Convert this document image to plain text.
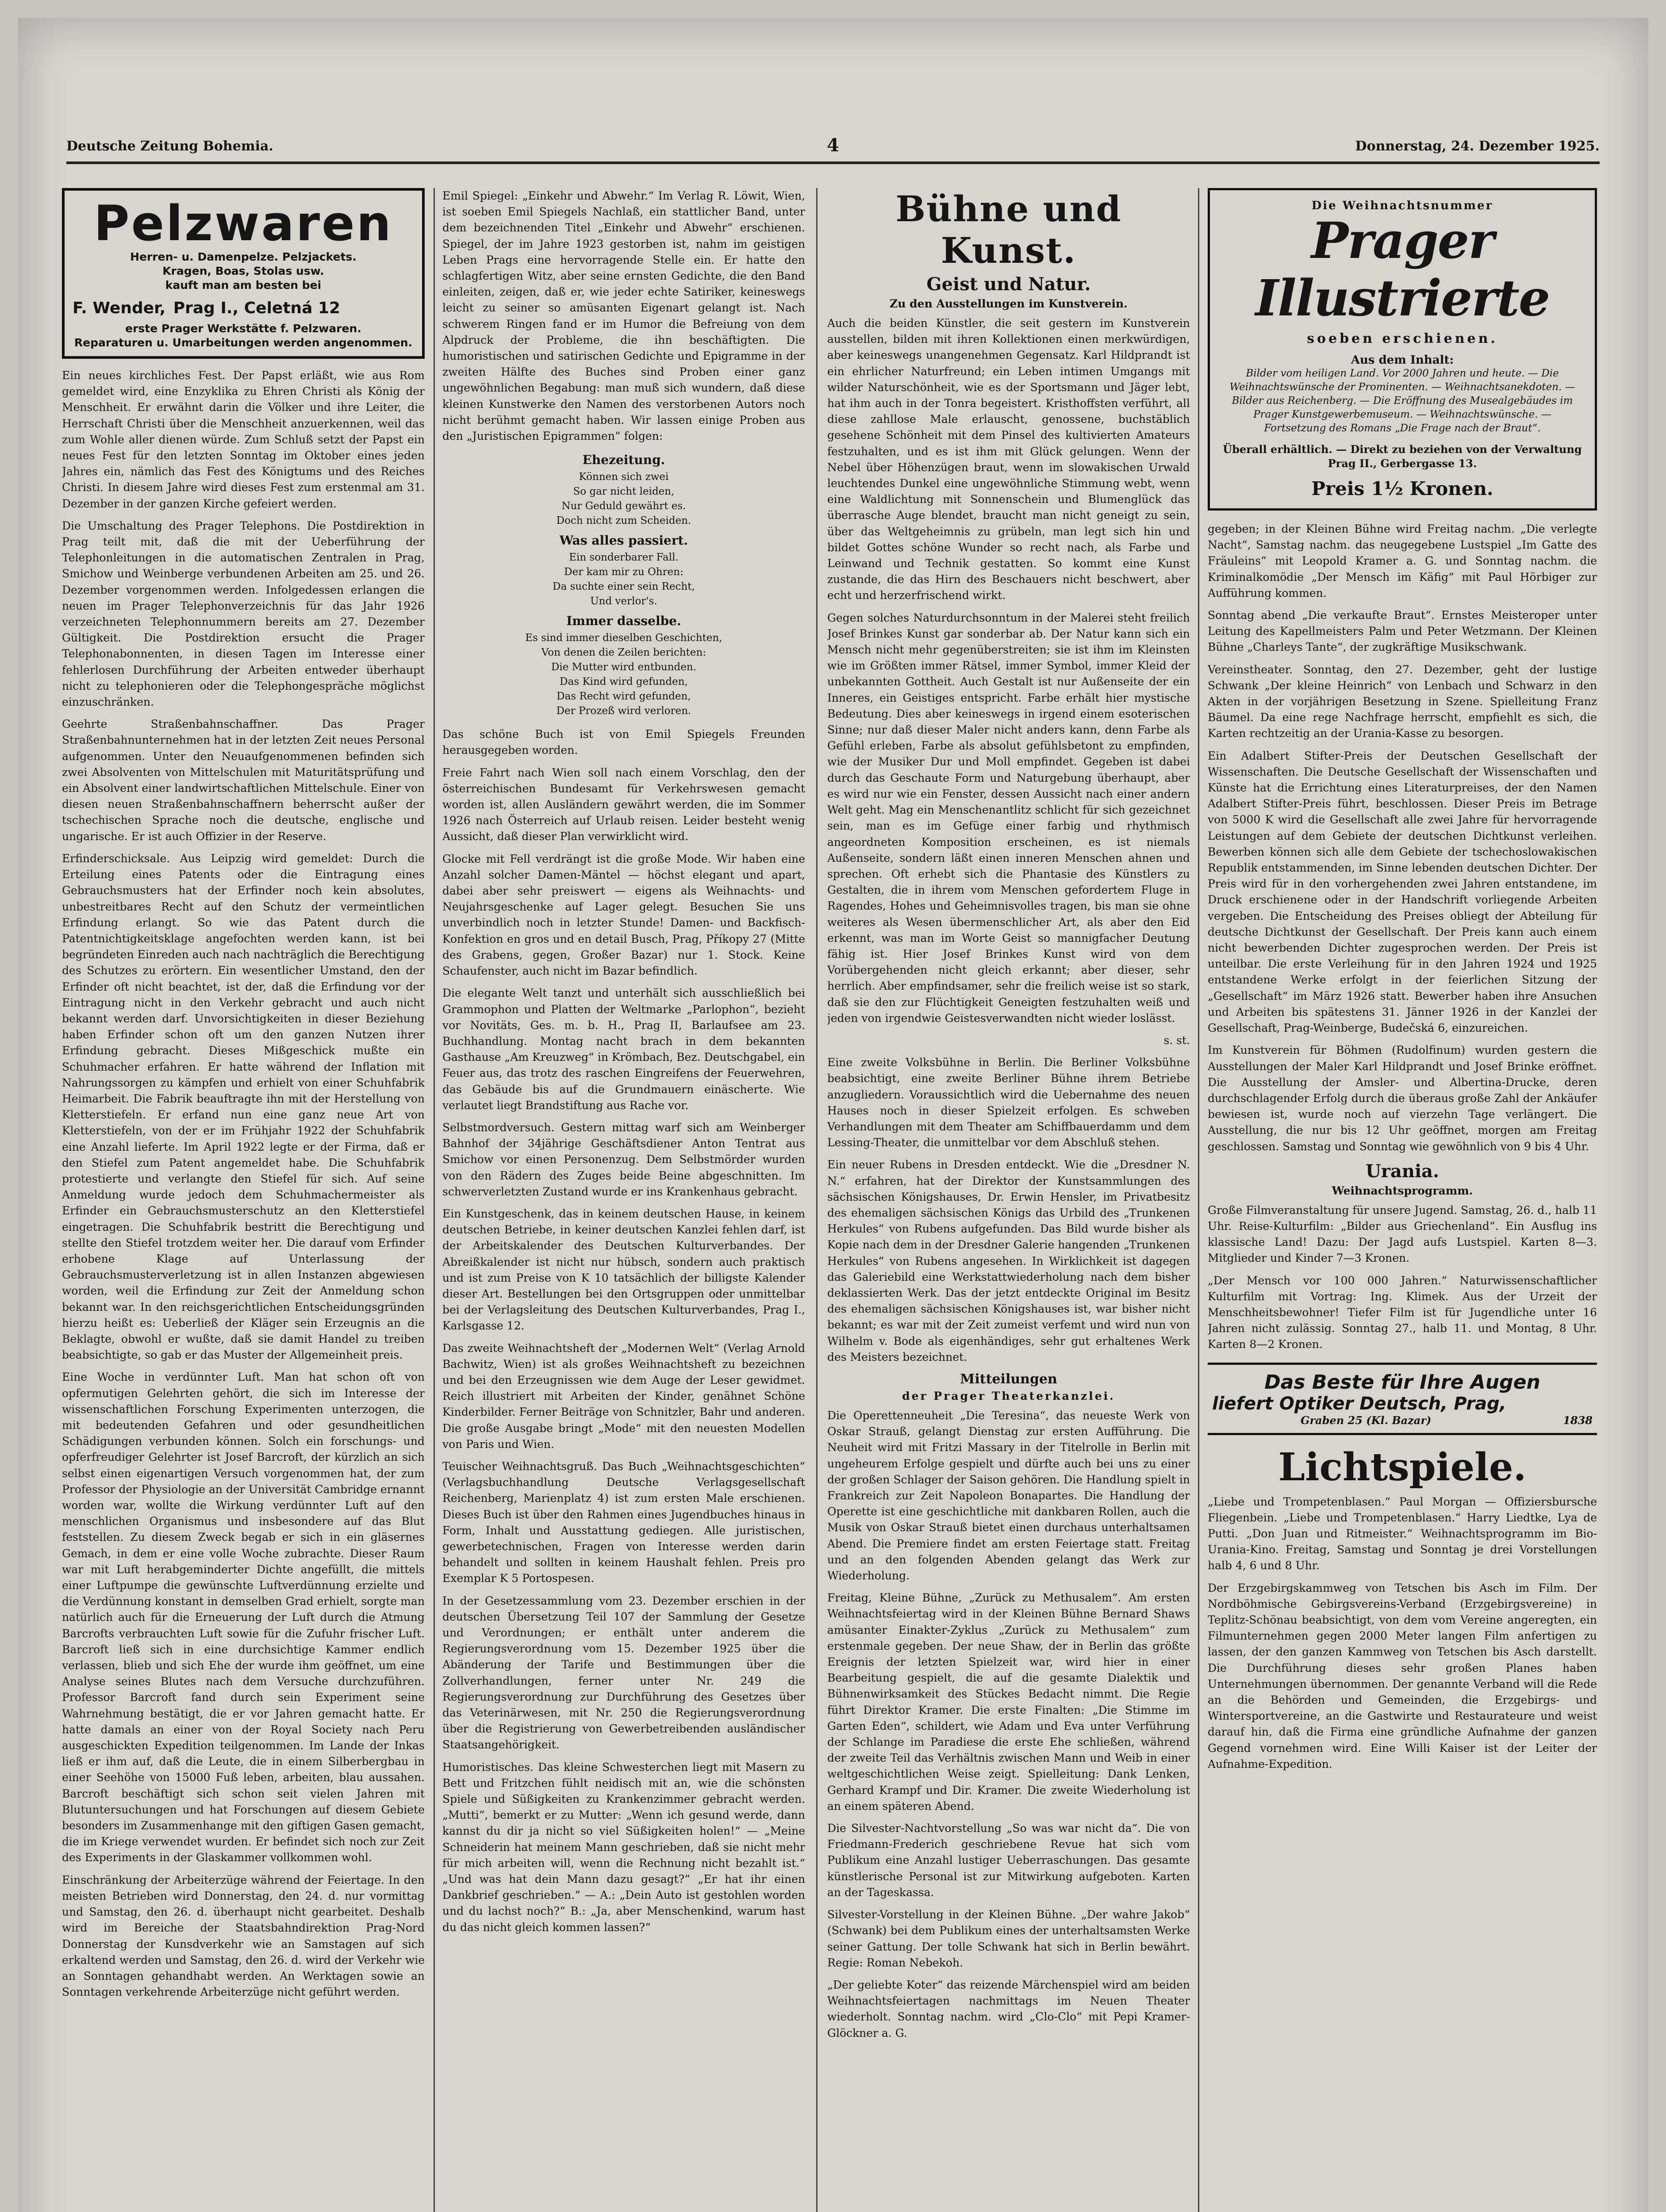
Deutsche Zeitung Bohemia.	4	Donnerstag, 24. Dezember 1925.
Pelzwaren
Herren- u. Damenpelze. Pelzjackets.
Kragen, Boas, Stolas usw.
kauft man am besten bei
F. Wender, Prag I., Celetná 12
erste Prager Werkstätte f. Pelzwaren.
Reparaturen u. Umarbeitungen werden angenommen.

Ein neues kirchliches Fest. Der Papst erläßt, wie aus Rom gemeldet wird, eine Enzyklika zu Ehren Christi als König der Menschheit. Er erwähnt darin die Völker und ihre Leiter, die Herrschaft Christi über die Menschheit anzuerkennen, weil das zum Wohle aller dienen würde. Zum Schluß setzt der Papst ein neues Fest für den letzten Sonntag im Oktober eines jeden Jahres ein, nämlich das Fest des Königtums und des Reiches Christi. In diesem Jahre wird dieses Fest zum erstenmal am 31. Dezember in der ganzen Kirche gefeiert werden.

Die Umschaltung des Prager Telephons. Die Postdirektion in Prag teilt mit, daß die mit der Ueberführung der Telephonleitungen in die automatischen Zentralen in Prag, Smichow und Weinberge verbundenen Arbeiten am 25. und 26. Dezember vorgenommen werden. Infolgedessen erlangen die neuen im Prager Telephonverzeichnis für das Jahr 1926 verzeichneten Telephonnummern bereits am 27. Dezember Gültigkeit. Die Postdirektion ersucht die Prager Telephonabonnenten, in diesen Tagen im Interesse einer fehlerlosen Durchführung der Arbeiten entweder überhaupt nicht zu telephonieren oder die Telephongespräche möglichst einzuschränken.

Geehrte Straßenbahnschaffner. Das Prager Straßenbahnunternehmen hat in der letzten Zeit neues Personal aufgenommen. Unter den Neuaufgenommenen befinden sich zwei Absolventen von Mittelschulen mit Maturitätsprüfung und ein Absolvent einer landwirtschaftlichen Mittelschule. Einer von diesen neuen Straßenbahnschaffnern beherrscht außer der tschechischen Sprache noch die deutsche, englische und ungarische. Er ist auch Offizier in der Reserve.

Erfinderschicksale. Aus Leipzig wird gemeldet: Durch die Erteilung eines Patents oder die Eintragung eines Gebrauchsmusters hat der Erfinder noch kein absolutes, unbestreitbares Recht auf den Schutz der vermeintlichen Erfindung erlangt. So wie das Patent durch die Patentnichtigkeitsklage angefochten werden kann, ist bei begründeten Einreden auch nach nachträglich die Berechtigung des Schutzes zu erörtern. Ein wesentlicher Umstand, den der Erfinder oft nicht beachtet, ist der, daß die Erfindung vor der Eintragung nicht in den Verkehr gebracht und auch nicht bekannt werden darf. Unvorsichtigkeiten in dieser Beziehung haben Erfinder schon oft um den ganzen Nutzen ihrer Erfindung gebracht. Dieses Mißgeschick mußte ein Schuhmacher erfahren. Er hatte während der Inflation mit Nahrungssorgen zu kämpfen und erhielt von einer Schuhfabrik Heimarbeit. Die Fabrik beauftragte ihn mit der Herstellung von Kletterstiefeln. Er erfand nun eine ganz neue Art von Kletterstiefeln, von der er im Frühjahr 1922 der Schuhfabrik eine Anzahl lieferte. Im April 1922 legte er der Firma, daß er den Stiefel zum Patent angemeldet habe. Die Schuhfabrik protestierte und verlangte den Stiefel für sich. Auf seine Anmeldung wurde jedoch dem Schuhmachermeister als Erfinder ein Gebrauchsmusterschutz an den Kletterstiefel eingetragen. Die Schuhfabrik bestritt die Berechtigung und stellte den Stiefel trotzdem weiter her. Die darauf vom Erfinder erhobene Klage auf Unterlassung der Gebrauchsmusterverletzung ist in allen Instanzen abgewiesen worden, weil die Erfindung zur Zeit der Anmeldung schon bekannt war. In den reichsgerichtlichen Entscheidungsgründen hierzu heißt es: Ueberließ der Kläger sein Erzeugnis an die Beklagte, obwohl er wußte, daß sie damit Handel zu treiben beabsichtigte, so gab er das Muster der Allgemeinheit preis.

Eine Woche in verdünnter Luft. Man hat schon oft von opfermutigen Gelehrten gehört, die sich im Interesse der wissenschaftlichen Forschung Experimenten unterzogen, die mit bedeutenden Gefahren und oder gesundheitlichen Schädigungen verbunden können. Solch ein forschungs- und opferfreudiger Gelehrter ist Josef Barcroft, der kürzlich an sich selbst einen eigenartigen Versuch vorgenommen hat, der zum Professor der Physiologie an der Universität Cambridge ernannt worden war, wollte die Wirkung verdünnter Luft auf den menschlichen Organismus und insbesondere auf das Blut feststellen. Zu diesem Zweck begab er sich in ein gläsernes Gemach, in dem er eine volle Woche zubrachte. Dieser Raum war mit Luft herabgeminderter Dichte angefüllt, die mittels einer Luftpumpe die gewünschte Luftverdünnung erzielte und die Verdünnung konstant in demselben Grad erhielt, sorgte man natürlich auch für die Erneuerung der Luft durch die Atmung Barcrofts verbrauchten Luft sowie für die Zufuhr frischer Luft. Barcroft ließ sich in eine durchsichtige Kammer endlich verlassen, blieb und sich Ehe der wurde ihm geöffnet, um eine Analyse seines Blutes nach dem Versuche durchzuführen. Professor Barcroft fand durch sein Experiment seine Wahrnehmung bestätigt, die er vor Jahren gemacht hatte. Er hatte damals an einer von der Royal Society nach Peru ausgeschickten Expedition teilgenommen. Im Lande der Inkas ließ er ihm auf, daß die Leute, die in einem Silberbergbau in einer Seehöhe von 15000 Fuß leben, arbeiten, blau aussahen. Barcroft beschäftigt sich schon seit vielen Jahren mit Blutuntersuchungen und hat Forschungen auf diesem Gebiete besonders im Zusammenhange mit den giftigen Gasen gemacht, die im Kriege verwendet wurden. Er befindet sich noch zur Zeit des Experiments in der Glaskammer vollkommen wohl.

Einschränkung der Arbeiterzüge während der Feiertage. In den meisten Betrieben wird Donnerstag, den 24. d. nur vormittag und Samstag, den 26. d. überhaupt nicht gearbeitet. Deshalb wird im Bereiche der Staatsbahndirektion Prag-Nord Donnerstag der Kunsdverkehr wie an Samstagen auf sich erkaltend werden und Samstag, den 26. d. wird der Verkehr wie an Sonntagen gehandhabt werden. An Werktagen sowie an Sonntagen verkehrende Arbeiterzüge nicht geführt werden.

Emil Spiegel: „Einkehr und Abwehr.“ Im Verlag R. Löwit, Wien, ist soeben Emil Spiegels Nachlaß, ein stattlicher Band, unter dem bezeichnenden Titel „Einkehr und Abwehr“ erschienen. Spiegel, der im Jahre 1923 gestorben ist, nahm im geistigen Leben Prags eine hervorragende Stelle ein. Er hatte den schlagfertigen Witz, aber seine ernsten Gedichte, die den Band einleiten, zeigen, daß er, wie jeder echte Satiriker, keineswegs leicht zu seiner so amüsanten Eigenart gelangt ist. Nach schwerem Ringen fand er im Humor die Befreiung von dem Alpdruck der Probleme, die ihn beschäftigten. Die humoristischen und satirischen Gedichte und Epigramme in der zweiten Hälfte des Buches sind Proben einer ganz ungewöhnlichen Begabung: man muß sich wundern, daß diese kleinen Kunstwerke den Namen des verstorbenen Autors noch nicht berühmt gemacht haben. Wir lassen einige Proben aus den „Juristischen Epigrammen“ folgen:

Ehezeitung.
Können sich zwei
So gar nicht leiden,
Nur Geduld gewährt es.
Doch nicht zum Scheiden.
Was alles passiert.
Ein sonderbarer Fall.
Der kam mir zu Ohren:
Da suchte einer sein Recht,
Und verlor's.
Immer dasselbe.
Es sind immer dieselben Geschichten,
Von denen die Zeilen berichten:
Die Mutter wird entbunden.
Das Kind wird gefunden,
Das Recht wird gefunden,
Der Prozeß wird verloren.

Das schöne Buch ist von Emil Spiegels Freunden herausgegeben worden.

Freie Fahrt nach Wien soll nach einem Vorschlag, den der österreichischen Bundesamt für Verkehrswesen gemacht worden ist, allen Ausländern gewährt werden, die im Sommer 1926 nach Österreich auf Urlaub reisen. Leider besteht wenig Aussicht, daß dieser Plan verwirklicht wird.

Glocke mit Fell verdrängt ist die große Mode. Wir haben eine Anzahl solcher Damen-Mäntel — höchst elegant und apart, dabei aber sehr preiswert — eigens als Weihnachts- und Neujahrsgeschenke auf Lager gelegt. Besuchen Sie uns unverbindlich noch in letzter Stunde! Damen- und Backfisch-Konfektion en gros und en detail Busch, Prag, Příkopy 27 (Mitte des Grabens, gegen, Großer Bazar) nur 1. Stock. Keine Schaufenster, auch nicht im Bazar befindlich.

Die elegante Welt tanzt und unterhält sich ausschließlich bei Grammophon und Platten der Weltmarke „Parlophon“, bezieht vor Novitäts, Ges. m. b. H., Prag II, Barlaufsee am 23. Buchhandlung. Montag nacht brach in dem bekannten Gasthause „Am Kreuzweg“ in Krömbach, Bez. Deutschgabel, ein Feuer aus, das trotz des raschen Eingreifens der Feuerwehren, das Gebäude bis auf die Grundmauern einäscherte. Wie verlautet liegt Brandstiftung aus Rache vor.

Selbstmordversuch. Gestern mittag warf sich am Weinberger Bahnhof der 34jährige Geschäftsdiener Anton Tentrat aus Smichow vor einen Personenzug. Dem Selbstmörder wurden von den Rädern des Zuges beide Beine abgeschnitten. Im schwerverletzten Zustand wurde er ins Krankenhaus gebracht.

Ein Kunstgeschenk, das in keinem deutschen Hause, in keinem deutschen Betriebe, in keiner deutschen Kanzlei fehlen darf, ist der Arbeitskalender des Deutschen Kulturverbandes. Der Abreißkalender ist nicht nur hübsch, sondern auch praktisch und ist zum Preise von K 10 tatsächlich der billigste Kalender dieser Art. Bestellungen bei den Ortsgruppen oder unmittelbar bei der Verlagsleitung des Deutschen Kulturverbandes, Prag I., Karlsgasse 12.

Das zweite Weihnachtsheft der „Modernen Welt“ (Verlag Arnold Bachwitz, Wien) ist als großes Weihnachtsheft zu bezeichnen und bei den Erzeugnissen wie dem Auge der Leser gewidmet. Reich illustriert mit Arbeiten der Kinder, genähnet Schöne Kinderbilder. Ferner Beiträge von Schnitzler, Bahr und anderen. Die große Ausgabe bringt „Mode“ mit den neuesten Modellen von Paris und Wien.

Teuischer Weihnachtsgruß. Das Buch „Weihnachtsgeschichten“ (Verlagsbuchhandlung Deutsche Verlagsgesellschaft Reichenberg, Marienplatz 4) ist zum ersten Male erschienen. Dieses Buch ist über den Rahmen eines Jugendbuches hinaus in Form, Inhalt und Ausstattung gediegen. Alle juristischen, gewerbetechnischen, Fragen von Interesse werden darin behandelt und sollten in keinem Haushalt fehlen. Preis pro Exemplar K 5 Portospesen.

In der Gesetzessammlung vom 23. Dezember erschien in der deutschen Übersetzung Teil 107 der Sammlung der Gesetze und Verordnungen; er enthält unter anderem die Regierungsverordnung vom 15. Dezember 1925 über die Abänderung der Tarife und Bestimmungen über die Zollverhandlungen, ferner unter Nr. 249 die Regierungsverordnung zur Durchführung des Gesetzes über das Veterinärwesen, mit Nr. 250 die Regierungsverordnung über die Registrierung von Gewerbetreibenden ausländischer Staatsangehörigkeit.

Humoristisches. Das kleine Schwesterchen liegt mit Masern zu Bett und Fritzchen fühlt neidisch mit an, wie die schönsten Spiele und Süßigkeiten zu Krankenzimmer gebracht werden. „Mutti“, bemerkt er zu Mutter: „Wenn ich gesund werde, dann kannst du dir ja nicht so viel Süßigkeiten holen!“ — „Meine Schneiderin hat meinem Mann geschrieben, daß sie nicht mehr für mich arbeiten will, wenn die Rechnung nicht bezahlt ist.“ „Und was hat dein Mann dazu gesagt?“ „Er hat ihr einen Dankbrief geschrieben.“ — A.: „Dein Auto ist gestohlen worden und du lachst noch?“ B.: „Ja, aber Menschenkind, warum hast du das nicht gleich kommen lassen?“

Bühne und Kunst.
Geist und Natur.
Zu den Ausstellungen im Kunstverein.

Auch die beiden Künstler, die seit gestern im Kunstverein ausstellen, bilden mit ihren Kollektionen einen merkwürdigen, aber keineswegs unangenehmen Gegensatz. Karl Hildprandt ist ein ehrlicher Naturfreund; ein Leben intimen Umgangs mit wilder Naturschönheit, wie es der Sportsmann und Jäger lebt, hat ihm auch in der Tonra begeistert. Kristhoffsten verführt, all diese zahllose Male erlauscht, genossene, buchstäblich gesehene Schönheit mit dem Pinsel des kultivierten Amateurs festzuhalten, und es ist ihm mit Glück gelungen. Wenn der Nebel über Höhenzügen braut, wenn im slowakischen Urwald leuchtendes Dunkel eine ungewöhnliche Stimmung webt, wenn eine Waldlichtung mit Sonnenschein und Blumenglück das überrasche Auge blendet, braucht man nicht geneigt zu sein, über das Weltgeheimnis zu grübeln, man legt sich hin und bildet Gottes schöne Wunder so recht nach, als Farbe und Leinwand und Technik gestatten. So kommt eine Kunst zustande, die das Hirn des Beschauers nicht beschwert, aber echt und herzerfrischend wirkt.

Gegen solches Naturdurchsonntum in der Malerei steht freilich Josef Brinkes Kunst gar sonderbar ab. Der Natur kann sich ein Mensch nicht mehr gegenüberstreiten; sie ist ihm im Kleinsten wie im Größten immer Rätsel, immer Symbol, immer Kleid der unbekannten Gottheit. Auch Gestalt ist nur Außenseite der ein Inneres, ein Geistiges entspricht. Farbe erhält hier mystische Bedeutung. Dies aber keineswegs in irgend einem esoterischen Sinne; nur daß dieser Maler nicht anders kann, denn Farbe als Gefühl erleben, Farbe als absolut gefühlsbetont zu empfinden, wie der Musiker Dur und Moll empfindet. Gegeben ist dabei durch das Geschaute Form und Naturgebung überhaupt, aber es wird nur wie ein Fenster, dessen Aussicht nach einer andern Welt geht. Mag ein Menschenantlitz schlicht für sich gezeichnet sein, man es im Gefüge einer farbig und rhythmisch angeordneten Komposition erscheinen, es ist niemals Außenseite, sondern läßt einen inneren Menschen ahnen und sprechen. Oft erhebt sich die Phantasie des Künstlers zu Gestalten, die in ihrem vom Menschen gefordertem Fluge in Ragendes, Hohes und Geheimnisvolles tragen, bis man sie ohne weiteres als Wesen übermenschlicher Art, als aber den Eid erkennt, was man im Worte Geist so mannigfacher Deutung fähig ist. Hier Josef Brinkes Kunst wird von dem Vorübergehenden nicht gleich erkannt; aber dieser, sehr herrlich. Aber empfindsamer, sehr die freilich weise ist so stark, daß sie den zur Flüchtigkeit Geneigten festzuhalten weiß und jeden von irgendwie Geistesverwandten nicht wieder loslässt.

s. st.

Eine zweite Volksbühne in Berlin. Die Berliner Volksbühne beabsichtigt, eine zweite Berliner Bühne ihrem Betriebe anzugliedern. Voraussichtlich wird die Uebernahme des neuen Hauses noch in dieser Spielzeit erfolgen. Es schweben Verhandlungen mit dem Theater am Schiffbauerdamm und dem Lessing-Theater, die unmittelbar vor dem Abschluß stehen.

Ein neuer Rubens in Dresden entdeckt. Wie die „Dresdner N. N.“ erfahren, hat der Direktor der Kunstsammlungen des sächsischen Königshauses, Dr. Erwin Hensler, im Privatbesitz des ehemaligen sächsischen Königs das Urbild des „Trunkenen Herkules“ von Rubens aufgefunden. Das Bild wurde bisher als Kopie nach dem in der Dresdner Galerie hangenden „Trunkenen Herkules“ von Rubens angesehen. In Wirklichkeit ist dagegen das Galeriebild eine Werkstattwiederholung nach dem bisher deklassierten Werk. Das der jetzt entdeckte Original im Besitz des ehemaligen sächsischen Königshauses ist, war bisher nicht bekannt; es war mit der Zeit zumeist verfemt und wird nun von Wilhelm v. Bode als eigenhändiges, sehr gut erhaltenes Werk des Meisters bezeichnet.

Mitteilungen
der Prager Theaterkanzlei.

Die Operettenneuheit „Die Teresina“, das neueste Werk von Oskar Strauß, gelangt Dienstag zur ersten Aufführung. Die Neuheit wird mit Fritzi Massary in der Titelrolle in Berlin mit ungeheurem Erfolge gespielt und dürfte auch bei uns zu einer der großen Schlager der Saison gehören. Die Handlung spielt in Frankreich zur Zeit Napoleon Bonapartes. Die Handlung der Operette ist eine geschichtliche mit dankbaren Rollen, auch die Musik von Oskar Strauß bietet einen durchaus unterhaltsamen Abend. Die Premiere findet am ersten Feiertage statt. Freitag und an den folgenden Abenden gelangt das Werk zur Wiederholung.

Freitag, Kleine Bühne, „Zurück zu Methusalem“. Am ersten Weihnachtsfeiertag wird in der Kleinen Bühne Bernard Shaws amüsanter Einakter-Zyklus „Zurück zu Methusalem“ zum erstenmale gegeben. Der neue Shaw, der in Berlin das größte Ereignis der letzten Spielzeit war, wird hier in einer Bearbeitung gespielt, die auf die gesamte Dialektik und Bühnenwirksamkeit des Stückes Bedacht nimmt. Die Regie führt Direktor Kramer. Die erste Finalten: „Die Stimme im Garten Eden“, schildert, wie Adam und Eva unter Verführung der Schlange im Paradiese die erste Ehe schließen, während der zweite Teil das Verhältnis zwischen Mann und Weib in einer weltgeschichtlichen Weise zeigt. Spielleitung: Dank Lenken, Gerhard Krampf und Dir. Kramer. Die zweite Wiederholung ist an einem späteren Abend.

Die Silvester-Nachtvorstellung „So was war nicht da“. Die von Friedmann-Frederich geschriebene Revue hat sich vom Publikum eine Anzahl lustiger Ueberraschungen. Das gesamte künstlerische Personal ist zur Mitwirkung aufgeboten. Karten an der Tageskassa.

Silvester-Vorstellung in der Kleinen Bühne. „Der wahre Jakob“ (Schwank) bei dem Publikum eines der unterhaltsamsten Werke seiner Gattung. Der tolle Schwank hat sich in Berlin bewährt. Regie: Roman Nebekoh.

„Der geliebte Koter“ das reizende Märchenspiel wird am beiden Weihnachtsfeiertagen nachmittags im Neuen Theater wiederholt. Sonntag nachm. wird „Clo-Clo“ mit Pepi Kramer-Glöckner a. G.

Die Weihnachtsnummer
Prager Illustrierte
soeben erschienen.
Aus dem Inhalt:
Bilder vom heiligen Land. Vor 2000 Jahren und heute. — Die Weihnachtswünsche der Prominenten. — Weihnachtsanekdoten. — Bilder aus Reichenberg. — Die Eröffnung des Musealgebäudes im Prager Kunstgewerbemuseum. — Weihnachtswünsche. — Fortsetzung des Romans „Die Frage nach der Braut“.
Überall erhältlich. — Direkt zu beziehen von der Verwaltung Prag II., Gerbergasse 13.
Preis 1½ Kronen.

gegeben; in der Kleinen Bühne wird Freitag nachm. „Die verlegte Nacht“, Samstag nachm. das neugegebene Lustspiel „Im Gatte des Fräuleins“ mit Leopold Kramer a. G. und Sonntag nachm. die Kriminalkomödie „Der Mensch im Käfig“ mit Paul Hörbiger zur Aufführung kommen.

Sonntag abend „Die verkaufte Braut“. Ernstes Meisteroper unter Leitung des Kapellmeisters Palm und Peter Wetzmann. Der Kleinen Bühne „Charleys Tante“, der zugkräftige Musikschwank.

Vereinstheater. Sonntag, den 27. Dezember, geht der lustige Schwank „Der kleine Heinrich“ von Lenbach und Schwarz in den Akten in der vorjährigen Besetzung in Szene. Spielleitung Franz Bäumel. Da eine rege Nachfrage herrscht, empfiehlt es sich, die Karten rechtzeitig an der Urania-Kasse zu besorgen.

Ein Adalbert Stifter-Preis der Deutschen Gesellschaft der Wissenschaften. Die Deutsche Gesellschaft der Wissenschaften und Künste hat die Errichtung eines Literaturpreises, der den Namen Adalbert Stifter-Preis führt, beschlossen. Dieser Preis im Betrage von 5000 K wird die Gesellschaft alle zwei Jahre für hervorragende Leistungen auf dem Gebiete der deutschen Dichtkunst verleihen. Bewerben können sich alle dem Gebiete der tschechoslowakischen Republik entstammenden, im Sinne lebenden deutschen Dichter. Der Preis wird für in den vorhergehenden zwei Jahren entstandene, im Druck erschienene oder in der Handschrift vorliegende Arbeiten vergeben. Die Entscheidung des Preises obliegt der Abteilung für deutsche Dichtkunst der Gesellschaft. Der Preis kann auch einem nicht bewerbenden Dichter zugesprochen werden. Der Preis ist unteilbar. Die erste Verleihung für in den Jahren 1924 und 1925 entstandene Werke erfolgt in der feierlichen Sitzung der „Gesellschaft“ im März 1926 statt. Bewerber haben ihre Ansuchen und Arbeiten bis spätestens 31. Jänner 1926 in der Kanzlei der Gesellschaft, Prag-Weinberge, Budečská 6, einzureichen.

Im Kunstverein für Böhmen (Rudolfinum) wurden gestern die Ausstellungen der Maler Karl Hildprandt und Josef Brinke eröffnet. Die Ausstellung der Amsler- und Albertina-Drucke, deren durchschlagender Erfolg durch die überaus große Zahl der Ankäufer bewiesen ist, wurde noch auf vierzehn Tage verlängert. Die Ausstellung, die nur bis 12 Uhr geöffnet, morgen am Freitag geschlossen. Samstag und Sonntag wie gewöhnlich von 9 bis 4 Uhr.

Urania.
Weihnachtsprogramm.

Große Filmveranstaltung für unsere Jugend. Samstag, 26. d., halb 11 Uhr. Reise-Kulturfilm: „Bilder aus Griechenland“. Ein Ausflug ins klassische Land! Dazu: Der Jagd aufs Lustspiel. Karten 8—3. Mitglieder und Kinder 7—3 Kronen.

„Der Mensch vor 100 000 Jahren.“ Naturwissenschaftlicher Kulturfilm mit Vortrag: Ing. Klimek. Aus der Urzeit der Menschheitsbewohner! Tiefer Film ist für Jugendliche unter 16 Jahren nicht zulässig. Sonntag 27., halb 11. und Montag, 8 Uhr. Karten 8—2 Kronen.

Das Beste für Ihre Augen
liefert Optiker Deutsch, Prag,
Graben 25 (Kl. Bazar)	1838
Lichtspiele.

„Liebe und Trompetenblasen.“ Paul Morgan — Offiziersbursche Fliegenbein. „Liebe und Trompetenblasen.“ Harry Liedtke, Lya de Putti. „Don Juan und Ritmeister.“ Weihnachtsprogramm im Bio-Urania-Kino. Freitag, Samstag und Sonntag je drei Vorstellungen halb 4, 6 und 8 Uhr.

Der Erzgebirgskammweg von Tetschen bis Asch im Film. Der Nordböhmische Gebirgsvereins-Verband (Erzgebirgsvereine) in Teplitz-Schönau beabsichtigt, von dem vom Vereine angeregten, ein Filmunternehmen gegen 2000 Meter langen Film anfertigen zu lassen, der den ganzen Kammweg von Tetschen bis Asch darstellt. Die Durchführung dieses sehr großen Planes haben Unternehmungen übernommen. Der genannte Verband will die Rede an die Behörden und Gemeinden, die Erzgebirgs- und Wintersportvereine, an die Gastwirte und Restaurateure und weist darauf hin, daß die Firma eine gründliche Aufnahme der ganzen Gegend vornehmen wird. Eine Willi Kaiser ist der Leiter der Aufnahme-Expedition.
